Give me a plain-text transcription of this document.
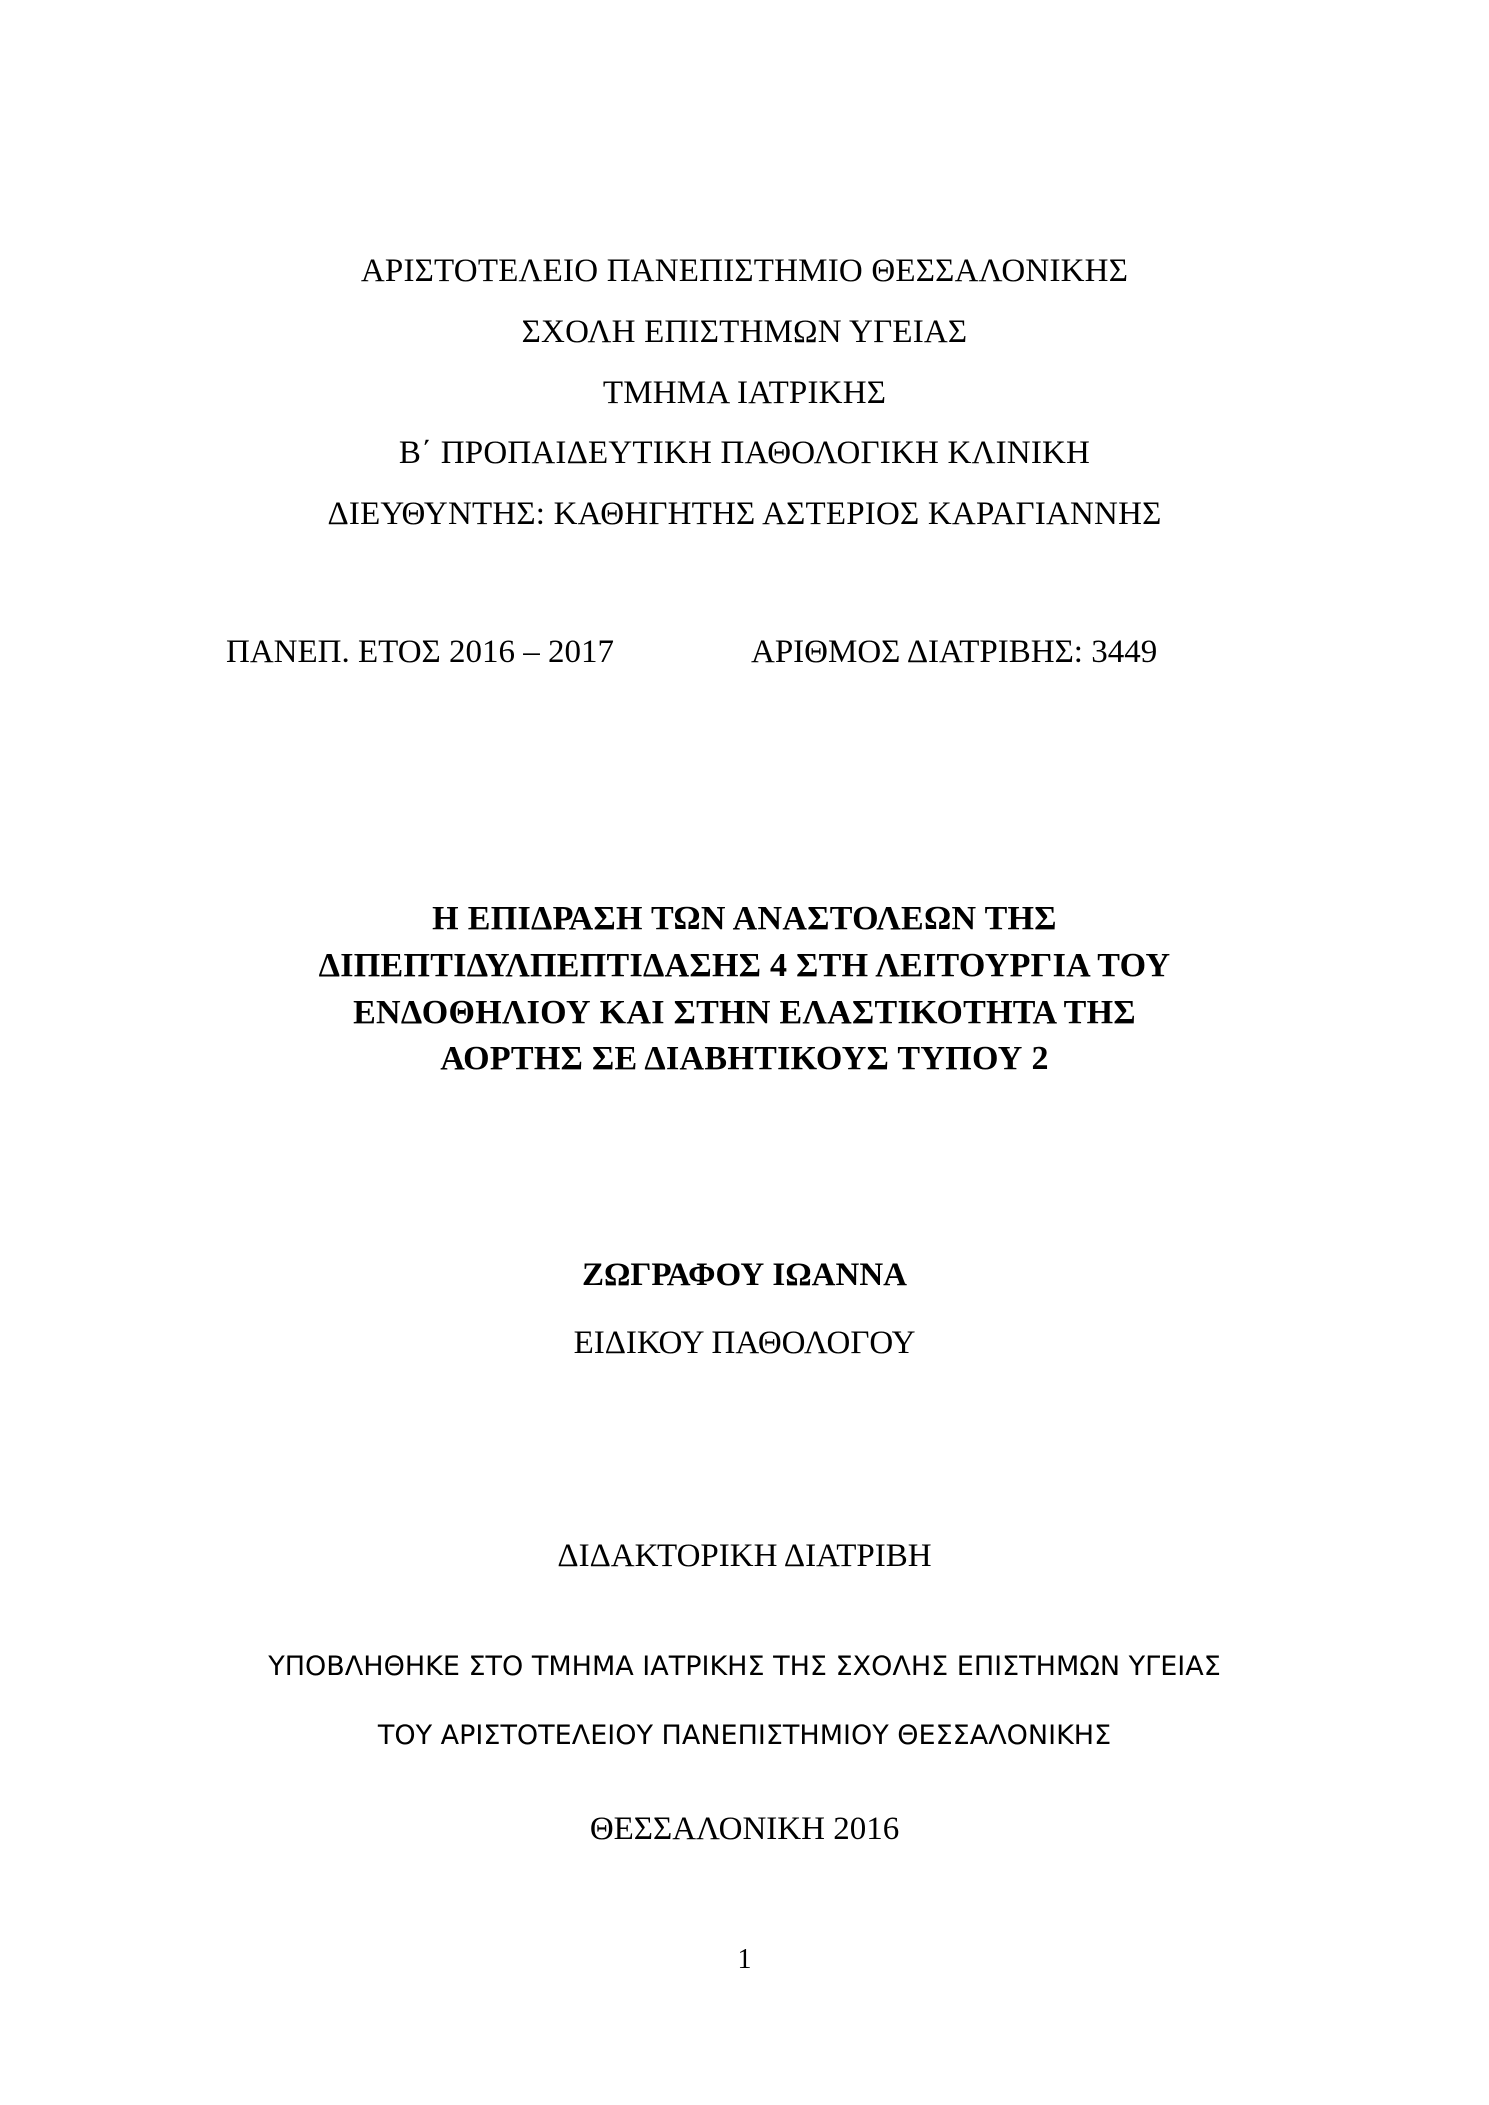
ΑΡΙΣΤΟΤΕΛΕΙΟ ΠΑΝΕΠΙΣΤΗΜΙΟ ΘΕΣΣΑΛΟΝΙΚΗΣ
ΣΧΟΛΗ ΕΠΙΣΤΗΜΩΝ ΥΓΕΙΑΣ
ΤΜΗΜΑ ΙΑΤΡΙΚΗΣ
Β΄ ΠΡΟΠΑΙΔΕΥΤΙΚΗ ΠΑΘΟΛΟΓΙΚΗ ΚΛΙΝΙΚΗ
ΔΙΕΥΘΥΝΤΗΣ: ΚΑΘΗΓΗΤΗΣ ΑΣΤΕΡΙΟΣ ΚΑΡΑΓΙΑΝΝΗΣ
ΠΑΝΕΠ. ΕΤΟΣ 2016 – 2017	ΑΡΙΘΜΟΣ ΔΙΑΤΡΙΒΗΣ: 3449
Η ΕΠΙΔΡΑΣΗ ΤΩΝ ΑΝΑΣΤΟΛΕΩΝ ΤΗΣ
ΔΙΠΕΠΤΙΔΥΛΠΕΠΤΙΔΑΣΗΣ 4 ΣΤΗ ΛΕΙΤΟΥΡΓΙΑ ΤΟΥ
ΕΝΔΟΘΗΛΙΟΥ ΚΑΙ ΣΤΗΝ ΕΛΑΣΤΙΚΟΤΗΤΑ ΤΗΣ
ΑΟΡΤΗΣ ΣΕ ΔΙΑΒΗΤΙΚΟΥΣ ΤΥΠΟΥ 2
ΖΩΓΡΑΦΟΥ ΙΩΑΝΝΑ
ΕΙΔΙΚΟΥ ΠΑΘΟΛΟΓΟΥ
ΔΙΔΑΚΤΟΡΙΚΗ ΔΙΑΤΡΙΒΗ
ΥΠΟΒΛΗΘΗΚΕ ΣΤΟ ΤΜΗΜΑ ΙΑΤΡΙΚΗΣ ΤΗΣ ΣΧΟΛΗΣ ΕΠΙΣΤΗΜΩΝ ΥΓΕΙΑΣ
ΤΟΥ ΑΡΙΣΤΟΤΕΛΕΙΟΥ ΠΑΝΕΠΙΣΤΗΜΙΟΥ ΘΕΣΣΑΛΟΝΙΚΗΣ
ΘΕΣΣΑΛΟΝΙΚΗ 2016
1
